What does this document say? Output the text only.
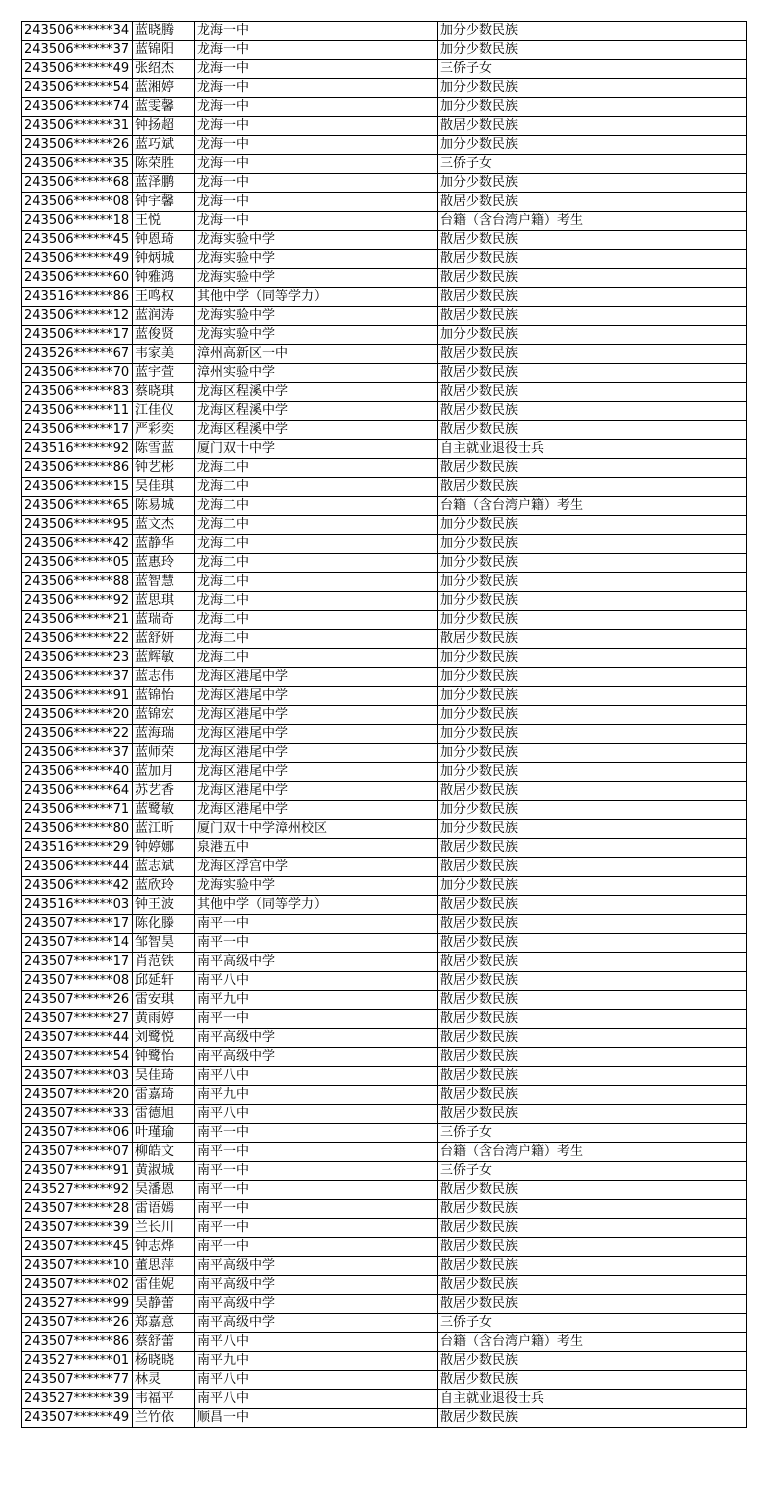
243506******34	蓝晓腾	龙海一中	加分少数民族
243506******37	蓝锦阳	龙海一中	加分少数民族
243506******49	张绍杰	龙海一中	三侨子女
243506******54	蓝湘婷	龙海一中	加分少数民族
243506******74	蓝雯馨	龙海一中	加分少数民族
243506******31	钟扬超	龙海一中	散居少数民族
243506******26	蓝巧斌	龙海一中	加分少数民族
243506******35	陈荣胜	龙海一中	三侨子女
243506******68	蓝泽鹏	龙海一中	加分少数民族
243506******08	钟宇馨	龙海一中	散居少数民族
243506******18	王悦	龙海一中	台籍（含台湾户籍）考生
243506******45	钟恩琦	龙海实验中学	散居少数民族
243506******49	钟炳城	龙海实验中学	散居少数民族
243506******60	钟雅鸿	龙海实验中学	散居少数民族
243516******86	王鸣权	其他中学（同等学力）	散居少数民族
243506******12	蓝润涛	龙海实验中学	散居少数民族
243506******17	蓝俊贤	龙海实验中学	加分少数民族
243526******67	韦家美	漳州高新区一中	散居少数民族
243506******70	蓝宇萱	漳州实验中学	散居少数民族
243506******83	蔡晓琪	龙海区程溪中学	散居少数民族
243506******11	江佳仪	龙海区程溪中学	散居少数民族
243506******17	严彩奕	龙海区程溪中学	散居少数民族
243516******92	陈雪蓝	厦门双十中学	自主就业退役士兵
243506******86	钟艺彬	龙海二中	散居少数民族
243506******15	吴佳琪	龙海二中	散居少数民族
243506******65	陈易城	龙海二中	台籍（含台湾户籍）考生
243506******95	蓝文杰	龙海二中	加分少数民族
243506******42	蓝静华	龙海二中	加分少数民族
243506******05	蓝惠玲	龙海二中	加分少数民族
243506******88	蓝智慧	龙海二中	加分少数民族
243506******92	蓝思琪	龙海二中	加分少数民族
243506******21	蓝瑞奇	龙海二中	加分少数民族
243506******22	蓝舒妍	龙海二中	散居少数民族
243506******23	蓝辉敏	龙海二中	加分少数民族
243506******37	蓝志伟	龙海区港尾中学	加分少数民族
243506******91	蓝锦怡	龙海区港尾中学	加分少数民族
243506******20	蓝锦宏	龙海区港尾中学	加分少数民族
243506******22	蓝海瑞	龙海区港尾中学	加分少数民族
243506******37	蓝师荣	龙海区港尾中学	加分少数民族
243506******40	蓝加月	龙海区港尾中学	加分少数民族
243506******64	苏艺香	龙海区港尾中学	散居少数民族
243506******71	蓝鹭敏	龙海区港尾中学	加分少数民族
243506******80	蓝江昕	厦门双十中学漳州校区	加分少数民族
243516******29	钟婷娜	泉港五中	散居少数民族
243506******44	蓝志斌	龙海区浮宫中学	散居少数民族
243506******42	蓝欣玲	龙海实验中学	加分少数民族
243516******03	钟王波	其他中学（同等学力）	散居少数民族
243507******17	陈化滕	南平一中	散居少数民族
243507******14	邹智昊	南平一中	散居少数民族
243507******17	肖范铁	南平高级中学	散居少数民族
243507******08	邱延轩	南平八中	散居少数民族
243507******26	雷安琪	南平九中	散居少数民族
243507******27	黄雨婷	南平一中	散居少数民族
243507******44	刘鹭悦	南平高级中学	散居少数民族
243507******54	钟鹭怡	南平高级中学	散居少数民族
243507******03	吴佳琦	南平八中	散居少数民族
243507******20	雷嘉琦	南平九中	散居少数民族
243507******33	雷德旭	南平八中	散居少数民族
243507******06	叶瑾瑜	南平一中	三侨子女
243507******07	柳皓文	南平一中	台籍（含台湾户籍）考生
243507******91	黄淑城	南平一中	三侨子女
243527******92	吴潘恩	南平一中	散居少数民族
243507******28	雷语嫣	南平一中	散居少数民族
243507******39	兰长川	南平一中	散居少数民族
243507******45	钟志烨	南平一中	散居少数民族
243507******10	董思萍	南平高级中学	散居少数民族
243507******02	雷佳妮	南平高级中学	散居少数民族
243527******99	吴静蕾	南平高级中学	散居少数民族
243507******26	郑嘉意	南平高级中学	三侨子女
243507******86	蔡舒蕾	南平八中	台籍（含台湾户籍）考生
243527******01	杨晓晓	南平九中	散居少数民族
243507******77	林灵	南平八中	散居少数民族
243527******39	韦福平	南平八中	自主就业退役士兵
243507******49	兰竹依	顺昌一中	散居少数民族
